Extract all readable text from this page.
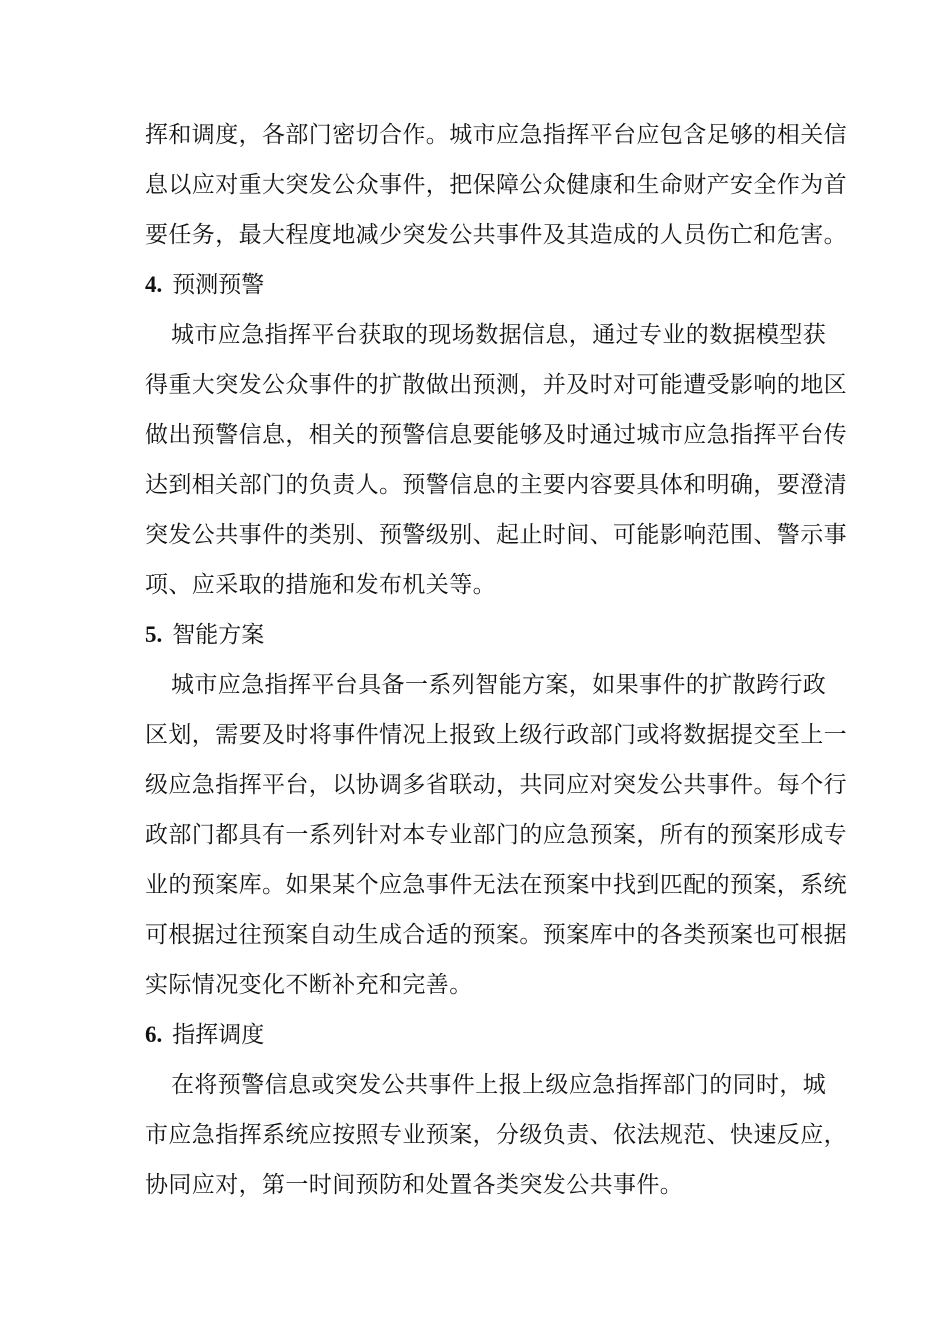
挥和调度，各部门密切合作。城市应急指挥平台应包含足够的相关信
息以应对重大突发公众事件，把保障公众健康和生命财产安全作为首
要任务，最大程度地减少突发公共事件及其造成的人员伤亡和危害。
4. 预测预警
城市应急指挥平台获取的现场数据信息，通过专业的数据模型获
得重大突发公众事件的扩散做出预测，并及时对可能遭受影响的地区
做出预警信息，相关的预警信息要能够及时通过城市应急指挥平台传
达到相关部门的负责人。预警信息的主要内容要具体和明确，要澄清
突发公共事件的类别、预警级别、起止时间、可能影响范围、警示事
项、应采取的措施和发布机关等。
5. 智能方案
城市应急指挥平台具备一系列智能方案，如果事件的扩散跨行政
区划，需要及时将事件情况上报致上级行政部门或将数据提交至上一
级应急指挥平台，以协调多省联动，共同应对突发公共事件。每个行
政部门都具有一系列针对本专业部门的应急预案，所有的预案形成专
业的预案库。如果某个应急事件无法在预案中找到匹配的预案，系统
可根据过往预案自动生成合适的预案。预案库中的各类预案也可根据
实际情况变化不断补充和完善。
6. 指挥调度
在将预警信息或突发公共事件上报上级应急指挥部门的同时，城
市应急指挥系统应按照专业预案，分级负责、依法规范、快速反应，
协同应对，第一时间预防和处置各类突发公共事件。
